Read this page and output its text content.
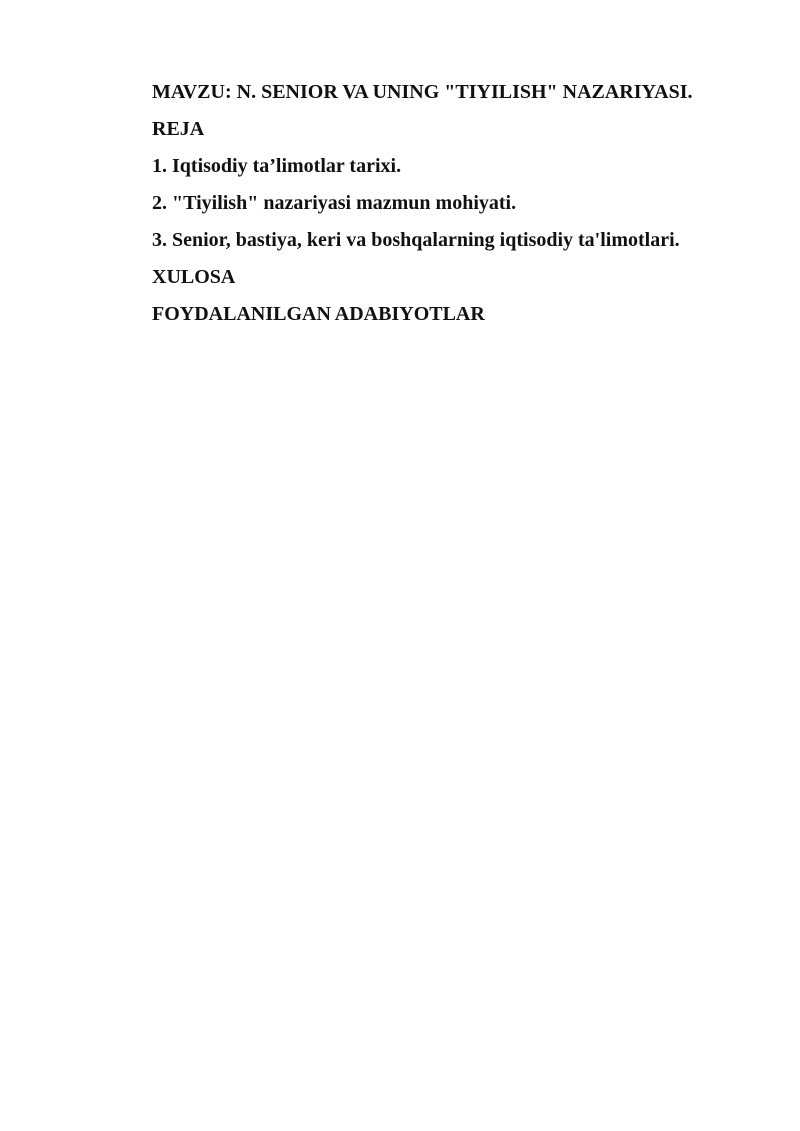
MAVZU: N. SENIOR VA UNING "TIYILISH" NAZARIYASI.

REJA

1. Iqtisodiy ta’limotlar tarixi.

2. "Tiyilish" nazariyasi mazmun mohiyati.

3. Senior, bastiya, keri va boshqalarning iqtisodiy ta'limotlari.

XULOSA

FOYDALANILGAN ADABIYOTLAR
